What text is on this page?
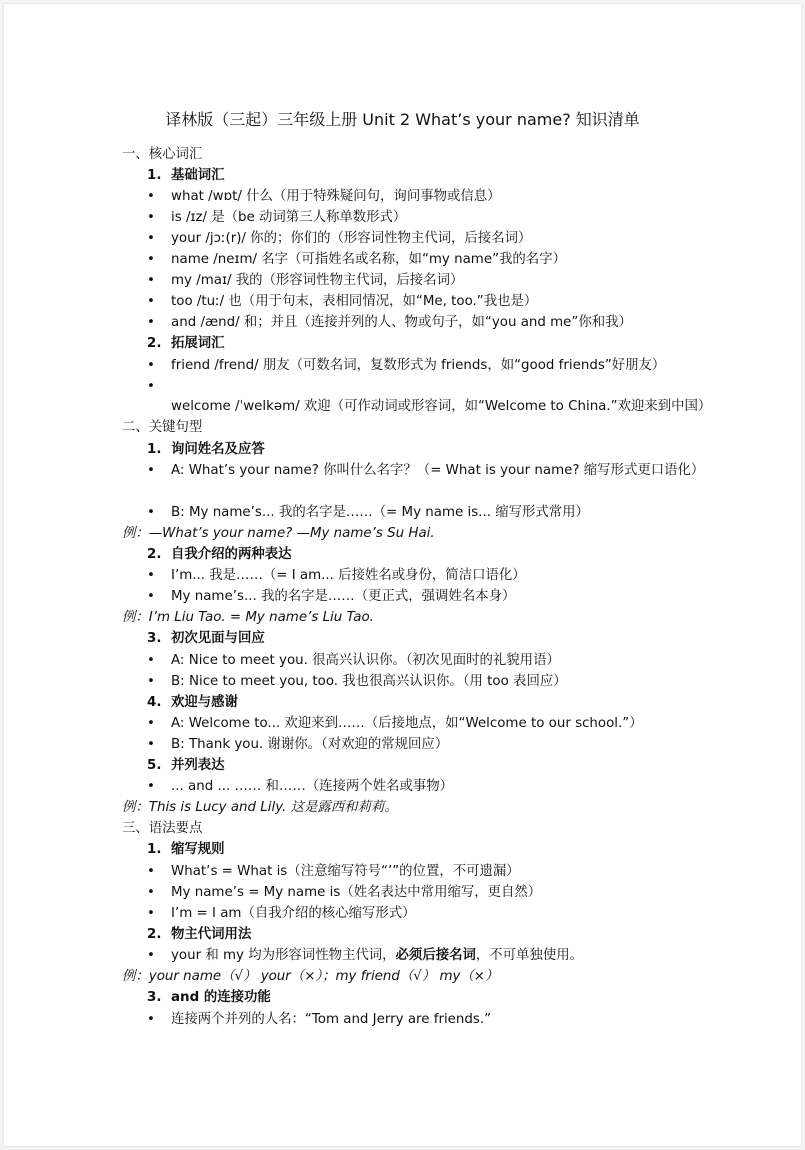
译林版（三起）三年级上册 Unit 2 What’s your name? 知识清单
一、核心词汇
1. 基础词汇
• what /wɒt/ 什么（用于特殊疑问句，询问事物或信息）
• is /ɪz/ 是（be 动词第三人称单数形式）
• your /jɔː(r)/ 你的；你们的（形容词性物主代词，后接名词）
• name /neɪm/ 名字（可指姓名或名称，如“my name”我的名字）
• my /maɪ/ 我的（形容词性物主代词，后接名词）
• too /tuː/ 也（用于句末，表相同情况，如“Me, too.”我也是）
• and /ænd/ 和；并且（连接并列的人、物或句子，如“you and me”你和我）
2. 拓展词汇
• friend /frend/ 朋友（可数名词，复数形式为 friends，如“good friends”好朋友）
•welcome /ˈwelkəm/ 欢迎（可作动词或形容词，如“Welcome to China.”欢迎来到中国）
二、关键句型
1. 询问姓名及应答
• A: What’s your name? 你叫什么名字？（= What is your name? 缩写形式更口语化）
• B: My name’s... 我的名字是……（= My name is... 缩写形式常用）
例：—What’s your name? —My name’s Su Hai.
2. 自我介绍的两种表达
• I’m... 我是……（= I am... 后接姓名或身份，简洁口语化）
• My name’s... 我的名字是……（更正式，强调姓名本身）
例：I’m Liu Tao. = My name’s Liu Tao.
3. 初次见面与回应
• A: Nice to meet you. 很高兴认识你。（初次见面时的礼貌用语）
• B: Nice to meet you, too. 我也很高兴认识你。（用 too 表回应）
4. 欢迎与感谢
• A: Welcome to... 欢迎来到……（后接地点，如“Welcome to our school.”）
• B: Thank you. 谢谢你。（对欢迎的常规回应）
5. 并列表达
• ... and ... …… 和……（连接两个姓名或事物）
例：This is Lucy and Lily. 这是露西和莉莉。
三、语法要点
1. 缩写规则
• What’s = What is（注意缩写符号“’”的位置，不可遗漏）
• My name’s = My name is（姓名表达中常用缩写，更自然）
• I’m = I am（自我介绍的核心缩写形式）
2. 物主代词用法
• your 和 my 均为形容词性物主代词，必须后接名词，不可单独使用。
例：your name（√） your（×）；my friend（√） my（×）
3. and 的连接功能
• 连接两个并列的人名：“Tom and Jerry are friends.”
